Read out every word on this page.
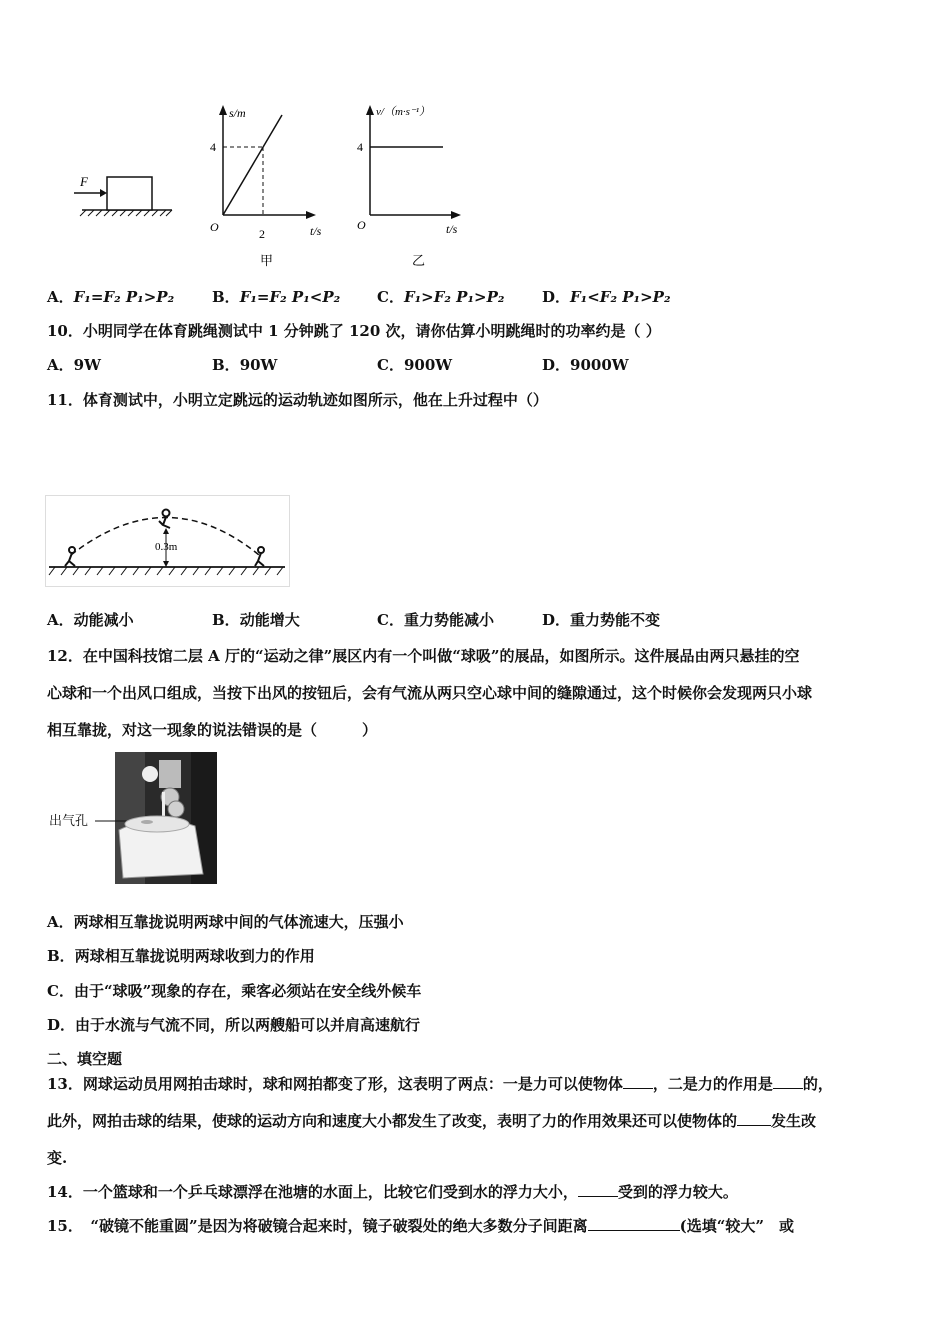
F
s/m
4
O	2	t/s
甲
v/（m·s⁻¹）
4
O	t/s
乙
A．F₁=F₂ P₁>P₂	B．F₁=F₂ P₁<P₂ C．F₁>F₂ P₁>P₂	D．F₁<F₂ P₁>P₂
10．小明同学在体育跳绳测试中 1 分钟跳了 120 次，请你估算小明跳绳时的功率约是（ ）
A．9W	B．90W	C．900W	D．9000W
11．体育测试中，小明立定跳远的运动轨迹如图所示，他在上升过程中（）
0.3m
A．动能减小	B．动能增大	C．重力势能减小	D．重力势能不变
12．在中国科技馆二层 A 厅的“运动之律”展区内有一个叫做“球吸”的展品，如图所示。这件展品由两只悬挂的空
心球和一个出风口组成，当按下出风的按钮后，会有气流从两只空心球中间的缝隙通过，这个时候你会发现两只小球
相互靠拢，对这一现象的说法错误的是（　　　）
出气孔
A．两球相互靠拢说明两球中间的气体流速大，压强小
B．两球相互靠拢说明两球收到力的作用
C．由于“球吸”现象的存在，乘客必须站在安全线外候车
D．由于水流与气流不同，所以两艘船可以并肩高速航行
二、填空题
13．网球运动员用网拍击球时，球和网拍都变了形，这表明了两点：一是力可以使物体 ，二是力的作用是 的，
此外，网拍击球的结果，使球的运动方向和速度大小都发生了改变，表明了力的作用效果还可以使物体的 发生改
变.
14．一个篮球和一个乒乓球漂浮在池塘的水面上，比较它们受到水的浮力大小，	受到的浮力较大。
15．　“破镜不能重圆”是因为将破镜合起来时，镜子破裂处的绝大多数分子间距离	(选填“较大”　或
